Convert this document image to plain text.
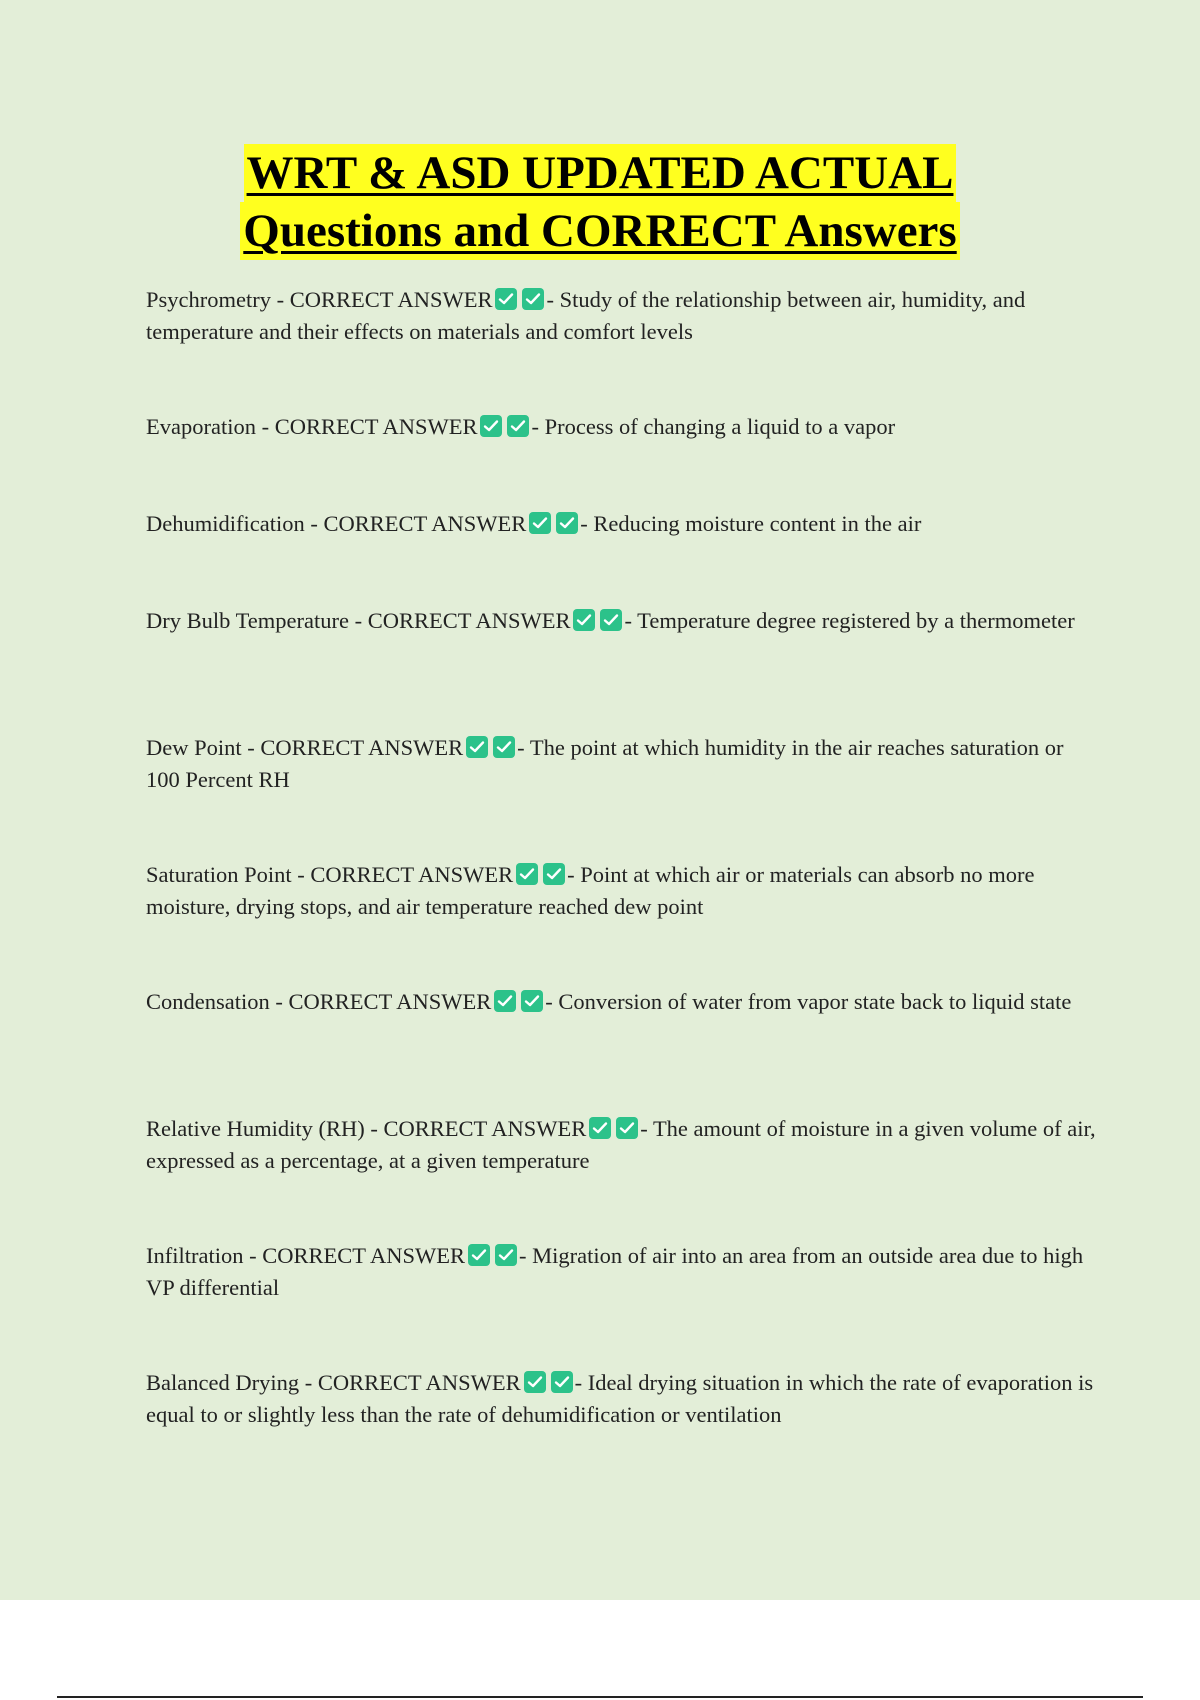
WRT & ASD UPDATED ACTUAL
Questions and CORRECT Answers

Psychrometry - CORRECT ANSWER - Study of the relationship between air, humidity, and temperature and their effects on materials and comfort levels

Evaporation - CORRECT ANSWER - Process of changing a liquid to a vapor

Dehumidification - CORRECT ANSWER - Reducing moisture content in the air

Dry Bulb Temperature - CORRECT ANSWER - Temperature degree registered by a thermometer

Dew Point - CORRECT ANSWER - The point at which humidity in the air reaches saturation or 100 Percent RH

Saturation Point - CORRECT ANSWER - Point at which air or materials can absorb no more moisture, drying stops, and air temperature reached dew point

Condensation - CORRECT ANSWER - Conversion of water from vapor state back to liquid state

Relative Humidity (RH) - CORRECT ANSWER - The amount of moisture in a given volume of air, expressed as a percentage, at a given temperature

Infiltration - CORRECT ANSWER - Migration of air into an area from an outside area due to high VP differential

Balanced Drying - CORRECT ANSWER - Ideal drying situation in which the rate of evaporation is equal to or slightly less than the rate of dehumidification or ventilation
